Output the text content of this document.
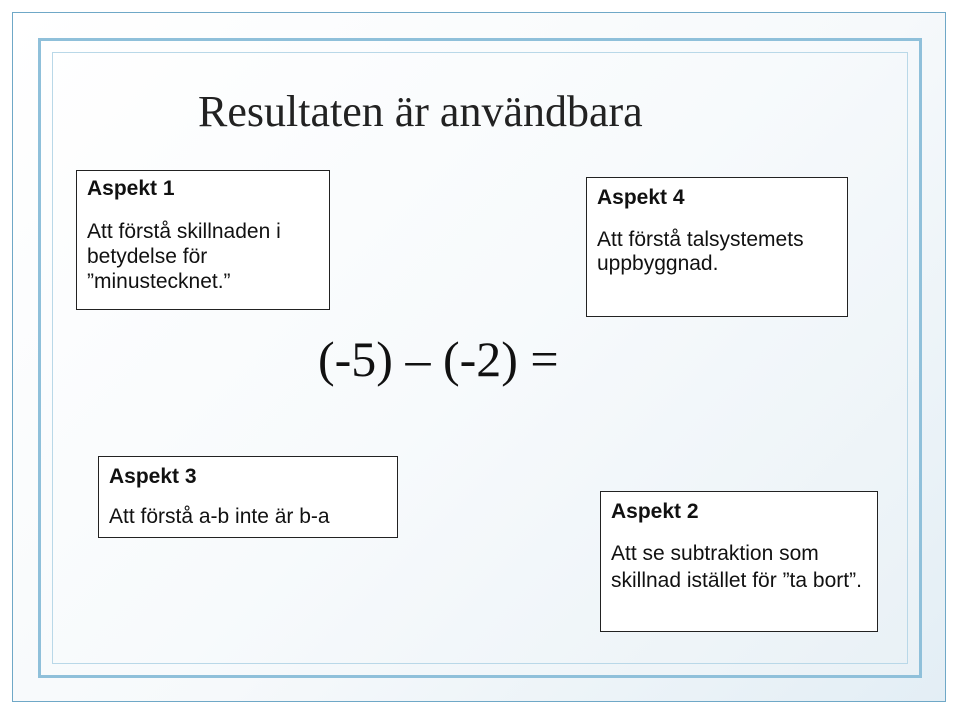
Resultaten är användbara
Aspekt 1
Att förstå skillnaden i betydelse för ”minustecknet.”
Aspekt 4
Att förstå talsystemets uppbyggnad.
(-5) – (-2) =
Aspekt 3
Att förstå a-b inte är b-a	Aspekt 2
Att se subtraktion som skillnad istället för ”ta bort”.
